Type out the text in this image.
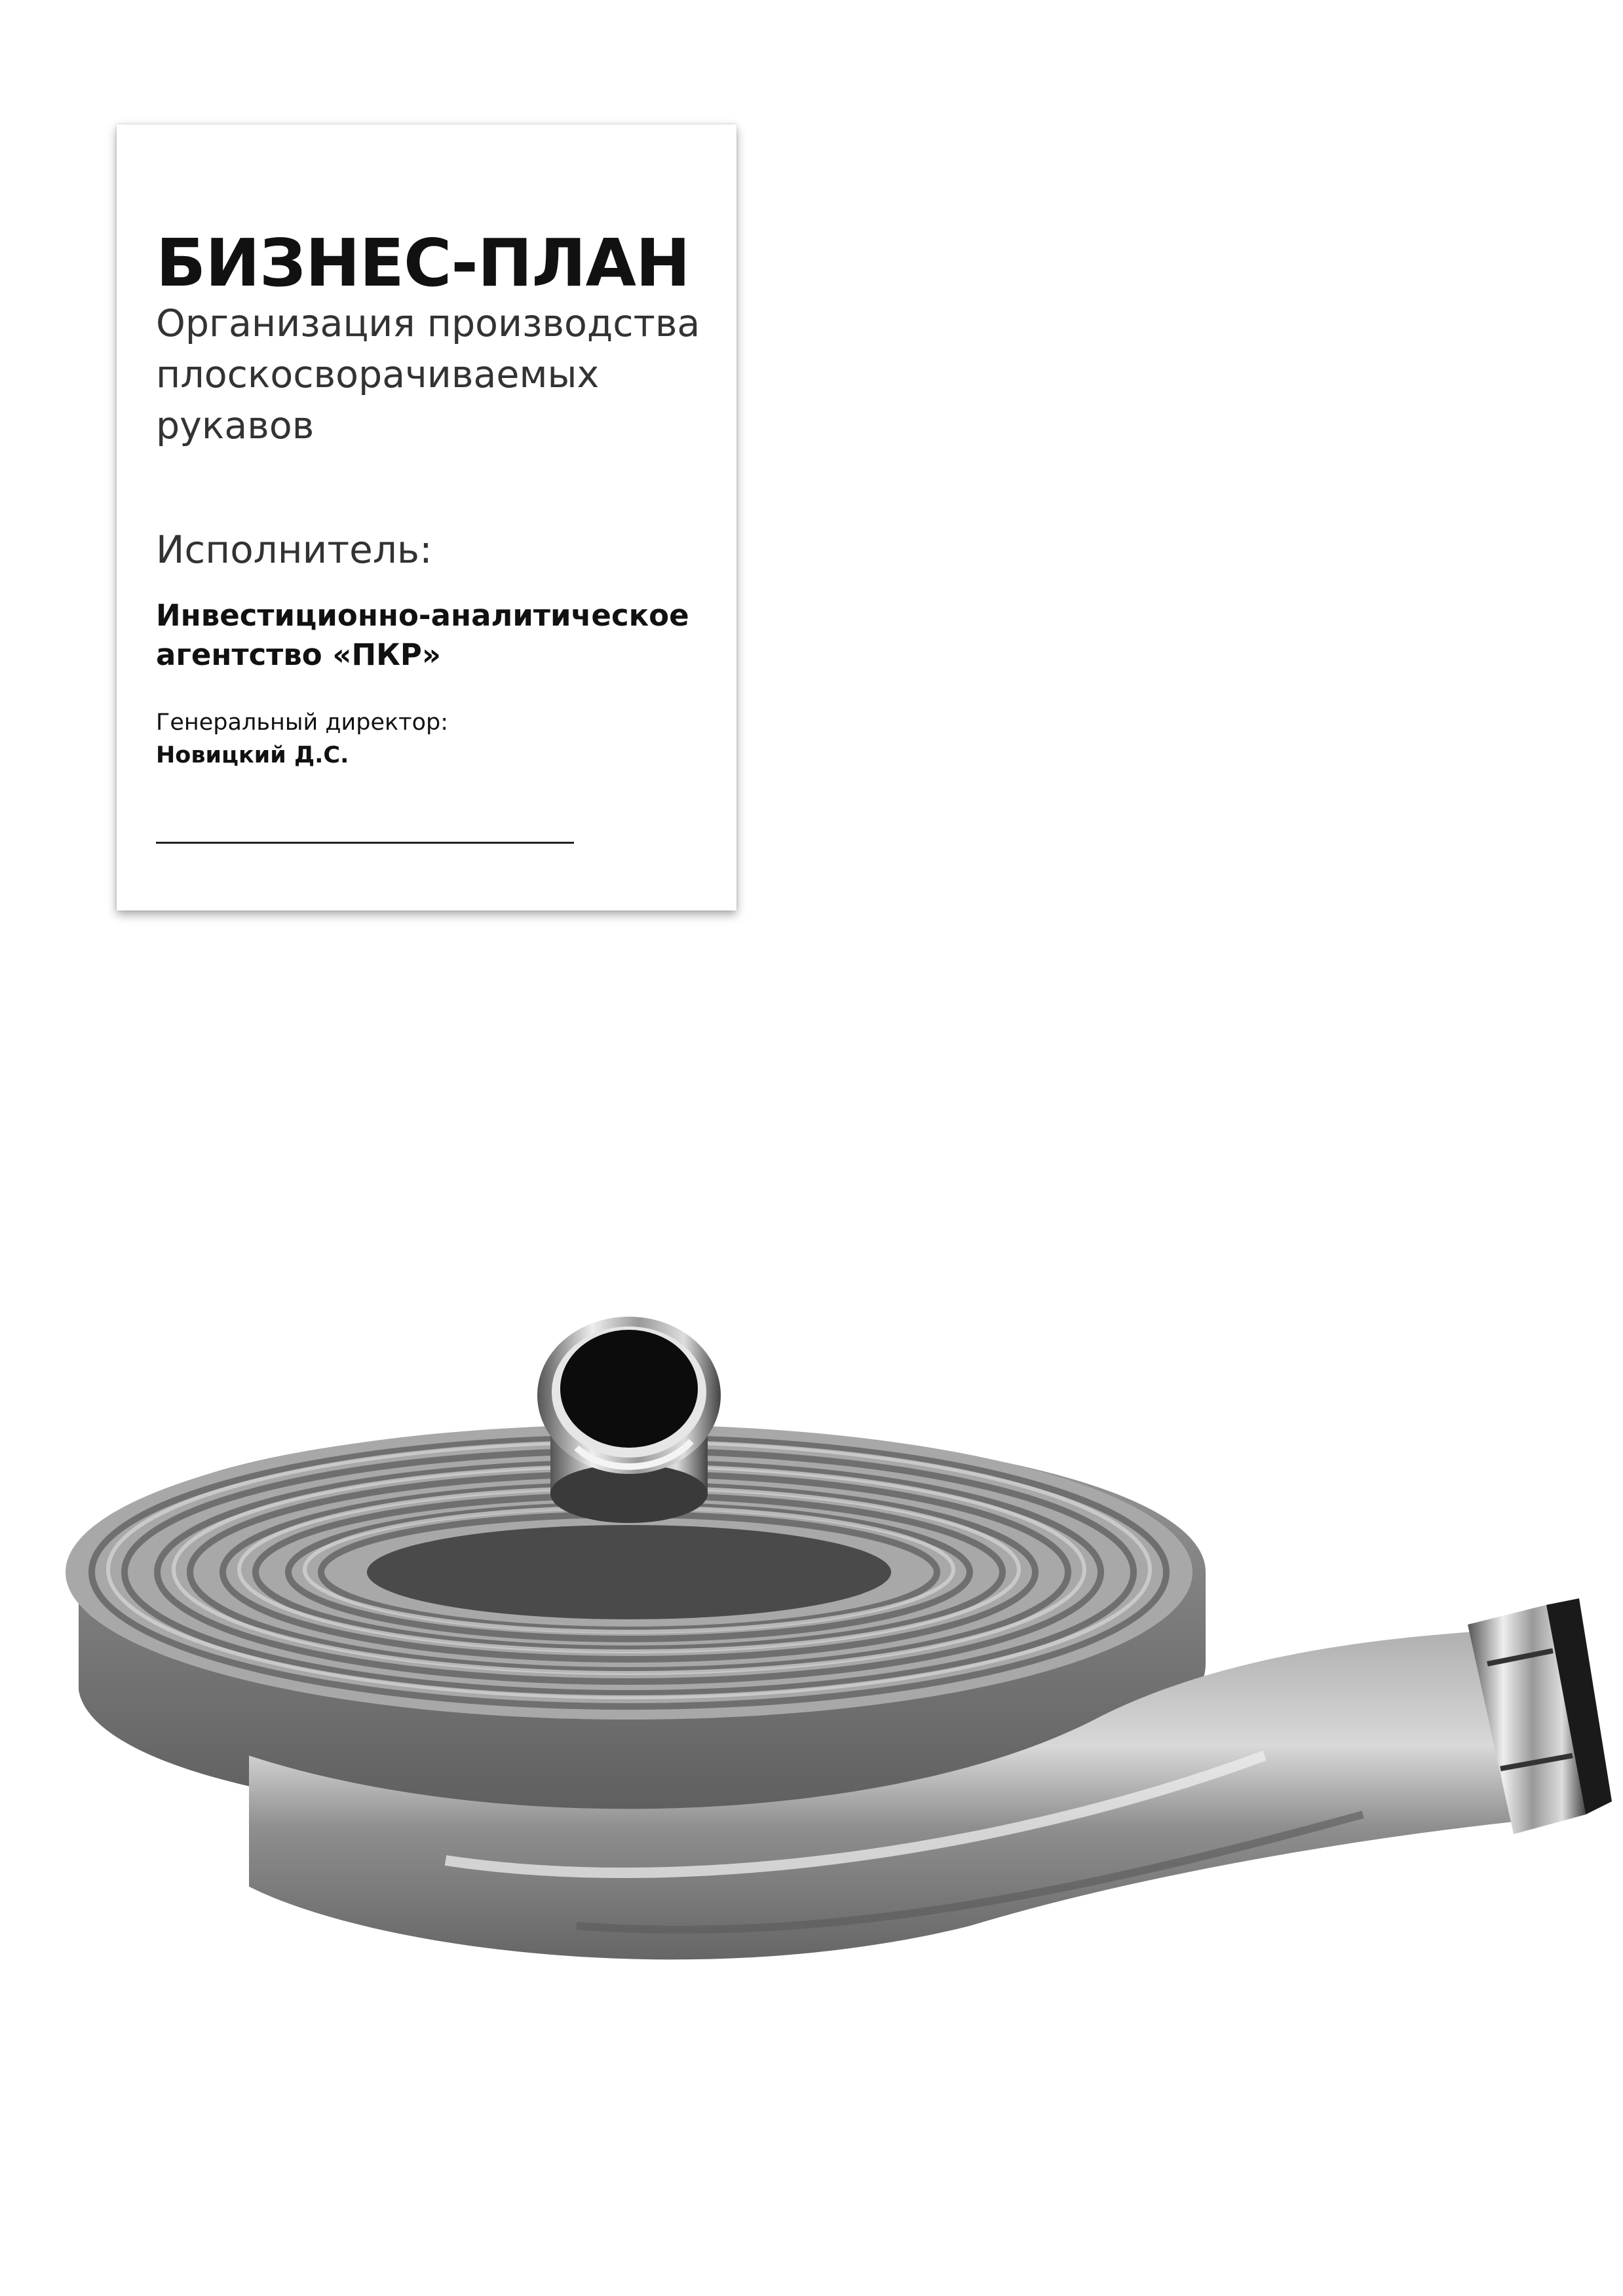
БИЗНЕС-ПЛАН

Организация производства
плоскосворачиваемых
рукавов

Исполнитель:

Инвестиционно-аналитическое
агентство «ПКР»

Генеральный директор:

Новицкий Д.С.
